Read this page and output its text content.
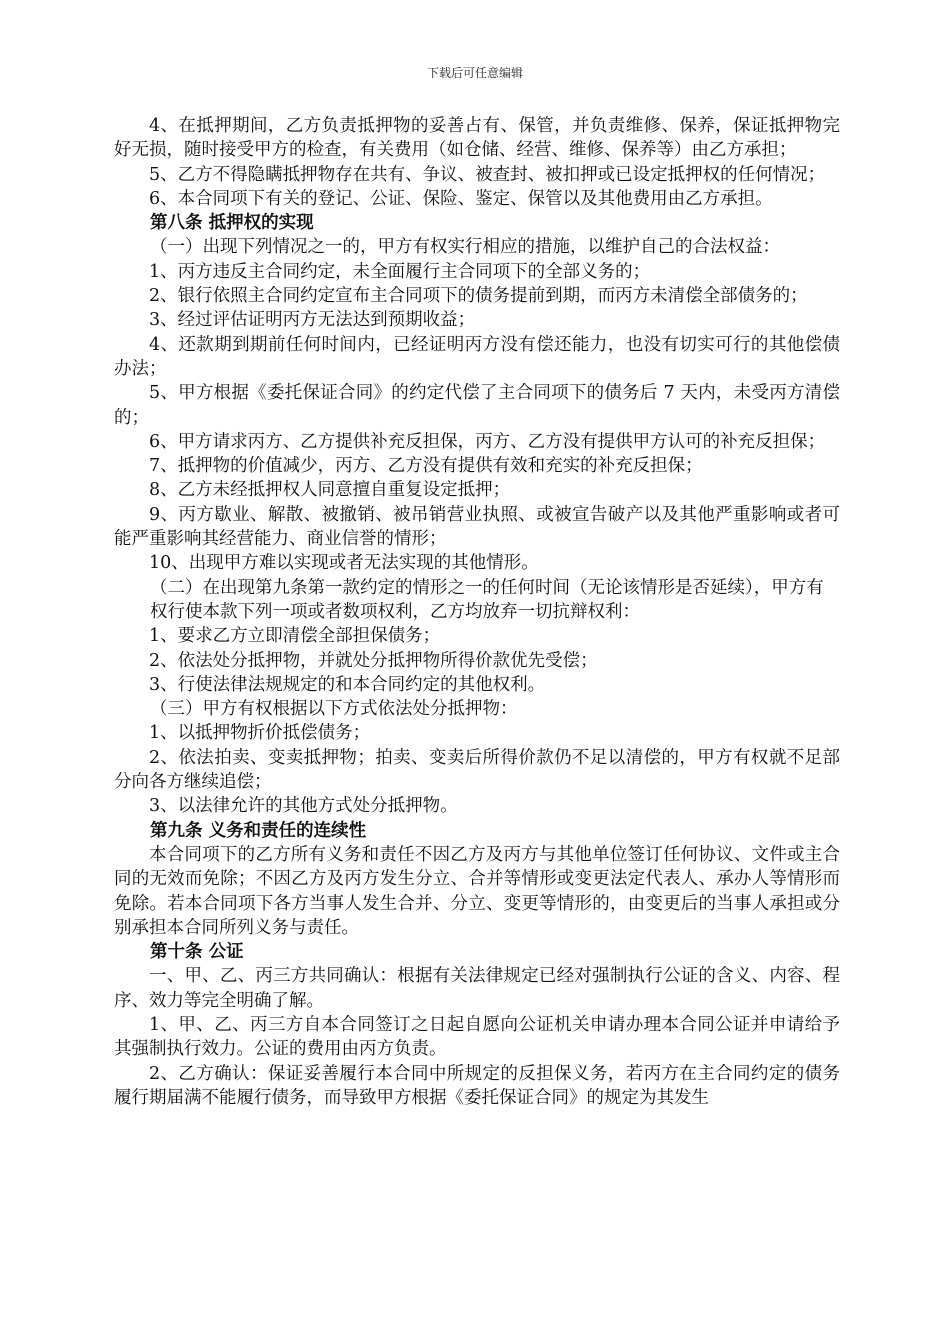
下载后可任意编辑

4、在抵押期间，乙方负责抵押物的妥善占有、保管，并负责维修、保养，保证抵押物完好无损，随时接受甲方的检查，有关费用（如仓储、经营、维修、保养等）由乙方承担；

5、乙方不得隐瞒抵押物存在共有、争议、被查封、被扣押或已设定抵押权的任何情况；

6、本合同项下有关的登记、公证、保险、鉴定、保管以及其他费用由乙方承担。

第八条 抵押权的实现

（一）出现下列情况之一的，甲方有权实行相应的措施，以维护自己的合法权益：

1、丙方违反主合同约定，未全面履行主合同项下的全部义务的；

2、银行依照主合同约定宣布主合同项下的债务提前到期，而丙方未清偿全部债务的；

3、经过评估证明丙方无法达到预期收益；

4、还款期到期前任何时间内，已经证明丙方没有偿还能力，也没有切实可行的其他偿债办法；

5、甲方根据《委托保证合同》的约定代偿了主合同项下的债务后 7 天内，未受丙方清偿的；

6、甲方请求丙方、乙方提供补充反担保，丙方、乙方没有提供甲方认可的补充反担保；

7、抵押物的价值减少，丙方、乙方没有提供有效和充实的补充反担保；

8、乙方未经抵押权人同意擅自重复设定抵押；

9、丙方歇业、解散、被撤销、被吊销营业执照、或被宣告破产以及其他严重影响或者可能严重影响其经营能力、商业信誉的情形；

10、出现甲方难以实现或者无法实现的其他情形。

（二）在出现第九条第一款约定的情形之一的任何时间（无论该情形是否延续），甲方有权行使本款下列一项或者数项权利，乙方均放弃一切抗辩权利：

1、要求乙方立即清偿全部担保债务；

2、依法处分抵押物，并就处分抵押物所得价款优先受偿；

3、行使法律法规规定的和本合同约定的其他权利。

（三）甲方有权根据以下方式依法处分抵押物：

1、以抵押物折价抵偿债务；

2、依法拍卖、变卖抵押物；拍卖、变卖后所得价款仍不足以清偿的，甲方有权就不足部分向各方继续追偿；

3、以法律允许的其他方式处分抵押物。

第九条 义务和责任的连续性

本合同项下的乙方所有义务和责任不因乙方及丙方与其他单位签订任何协议、文件或主合同的无效而免除；不因乙方及丙方发生分立、合并等情形或变更法定代表人、承办人等情形而免除。若本合同项下各方当事人发生合并、分立、变更等情形的，由变更后的当事人承担或分别承担本合同所列义务与责任。

第十条 公证

一、甲、乙、丙三方共同确认：根据有关法律规定已经对强制执行公证的含义、内容、程序、效力等完全明确了解。

1、甲、乙、丙三方自本合同签订之日起自愿向公证机关申请办理本合同公证并申请给予其强制执行效力。公证的费用由丙方负责。

2、乙方确认：保证妥善履行本合同中所规定的反担保义务，若丙方在主合同约定的债务履行期届满不能履行债务，而导致甲方根据《委托保证合同》的规定为其发生
